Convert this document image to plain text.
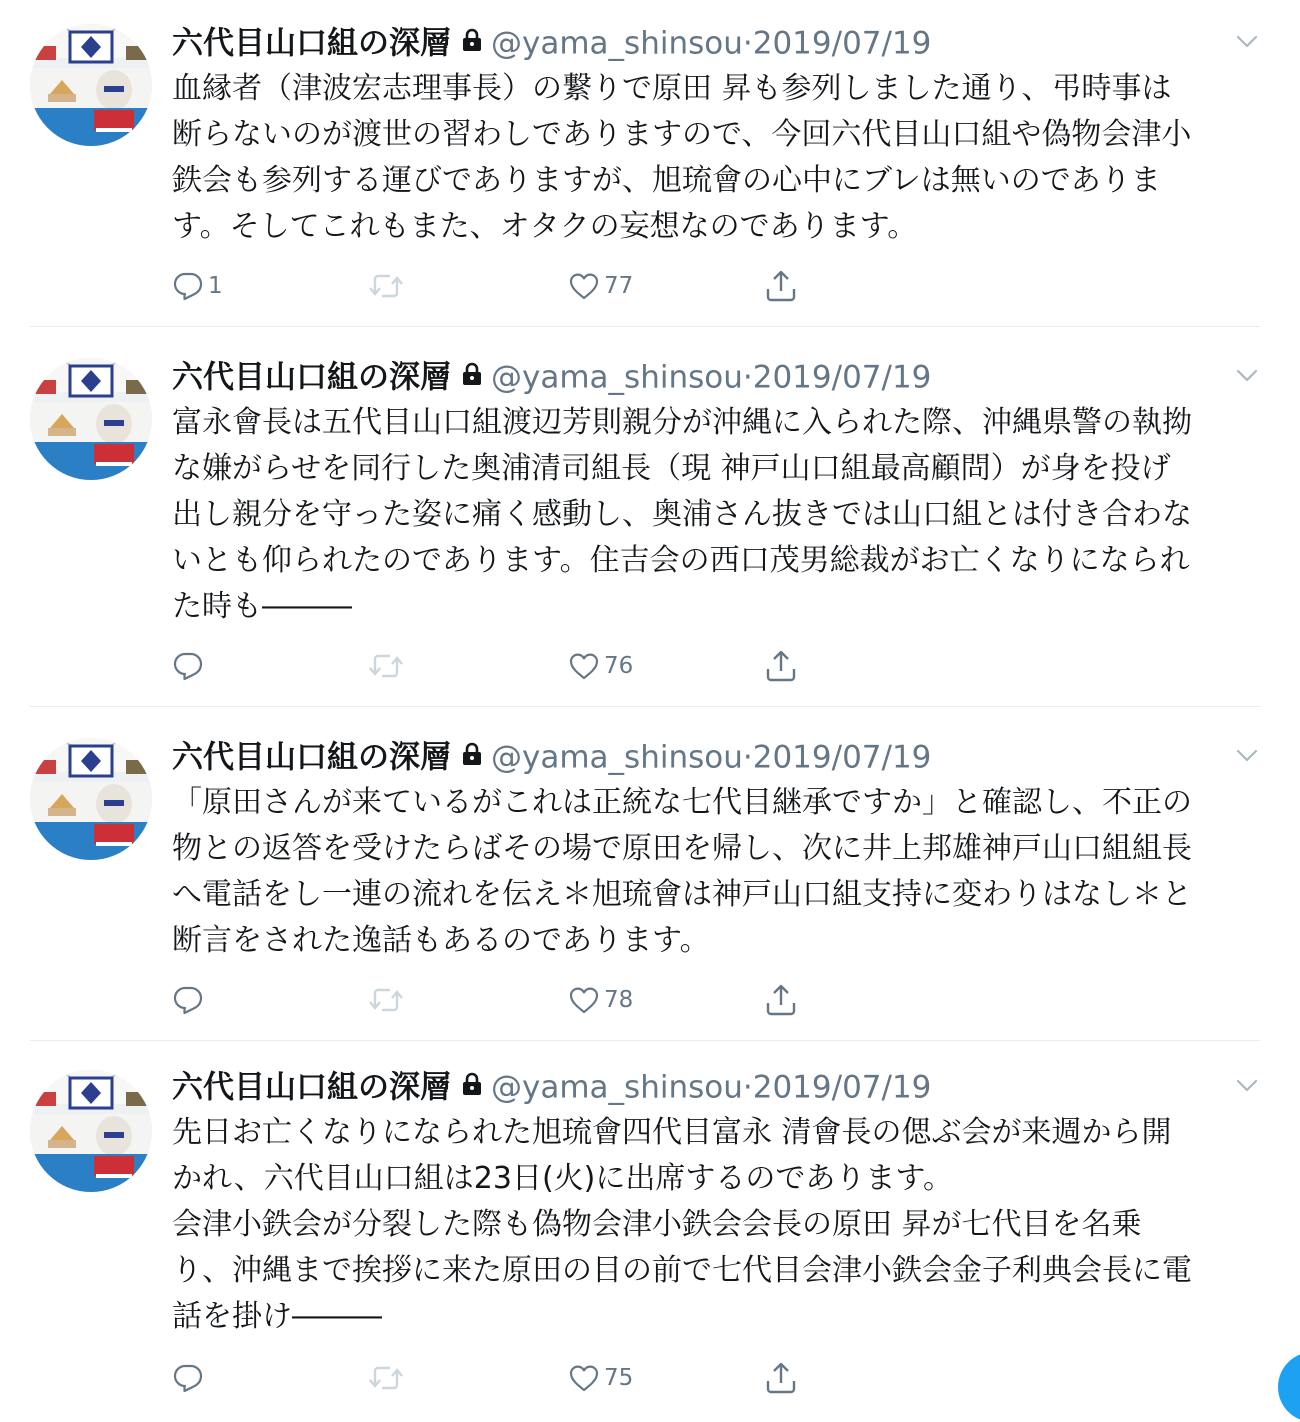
六代目山口組の深層 @yama_shinsou·2019/07/19

血縁者（津波宏志理事長）の繋りで原田 昇も参列しました通り、弔時事は

断らないのが渡世の習わしでありますので、今回六代目山口組や偽物会津小

鉄会も参列する運びでありますが、旭琉會の心中にブレは無いのでありま

す。そしてこれもまた、オタクの妄想なのであります。

1	77
六代目山口組の深層 @yama_shinsou·2019/07/19

富永會長は五代目山口組渡辺芳則親分が沖縄に入られた際、沖縄県警の執拗

な嫌がらせを同行した奥浦清司組長（現 神戸山口組最高顧問）が身を投げ

出し親分を守った姿に痛く感動し、奥浦さん抜きでは山口組とは付き合わな

いとも仰られたのであります。住吉会の西口茂男総裁がお亡くなりになられ

た時も―――

76
六代目山口組の深層 @yama_shinsou·2019/07/19

「原田さんが来ているがこれは正統な七代目継承ですか」と確認し、不正の

物との返答を受けたらばその場で原田を帰し、次に井上邦雄神戸山口組組長

へ電話をし一連の流れを伝え＊旭琉會は神戸山口組支持に変わりはなし＊と

断言をされた逸話もあるのであります。

78
六代目山口組の深層 @yama_shinsou·2019/07/19

先日お亡くなりになられた旭琉會四代目富永 清會長の偲ぶ会が来週から開

かれ、六代目山口組は23日(火)に出席するのであります。

会津小鉄会が分裂した際も偽物会津小鉄会会長の原田 昇が七代目を名乗

り、沖縄まで挨拶に来た原田の目の前で七代目会津小鉄会金子利典会長に電

話を掛け―――

75
